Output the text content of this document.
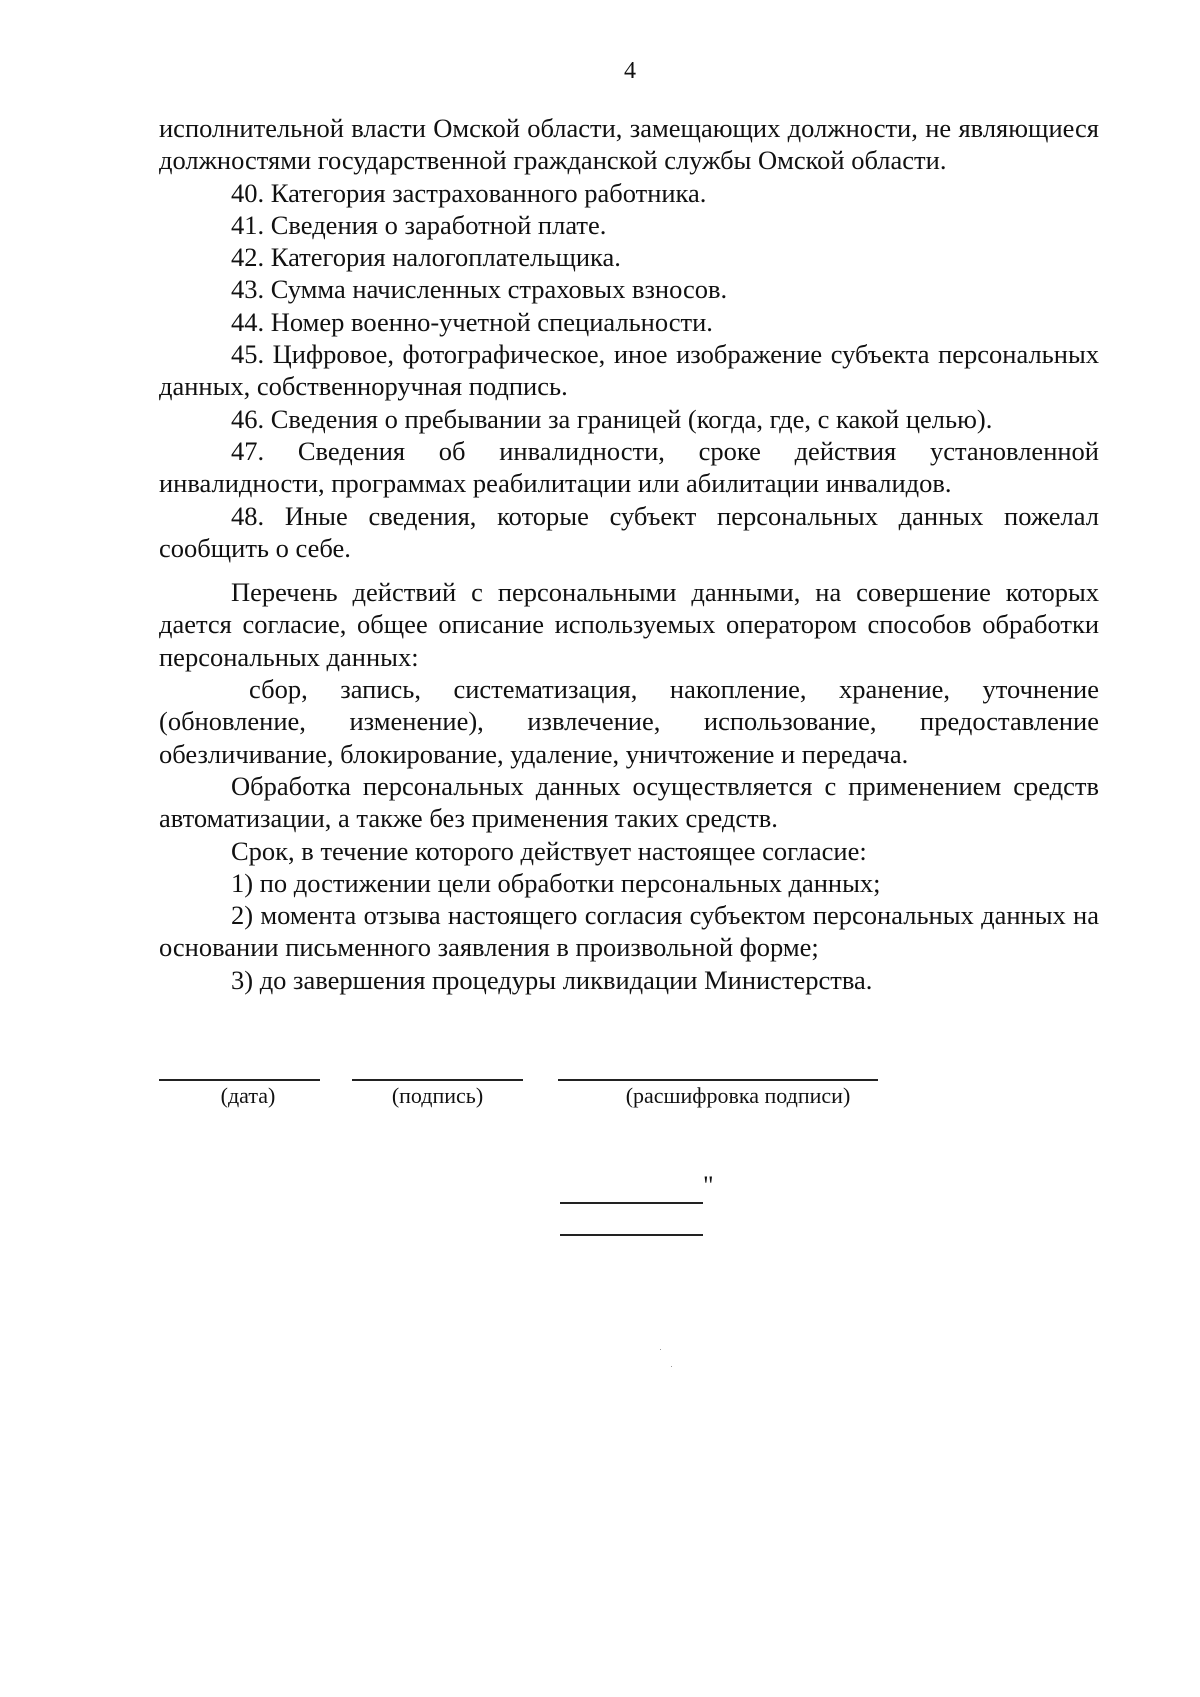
4

исполнительной власти Омской области, замещающих должности, не являющиеся должностями государственной гражданской службы Омской области.

40. Категория застрахованного работника.

41. Сведения о заработной плате.

42. Категория налогоплательщика.

43. Сумма начисленных страховых взносов.

44. Номер военно-учетной специальности.

45. Цифровое, фотографическое, иное изображение субъекта персональных данных, собственноручная подпись.

46. Сведения о пребывании за границей (когда, где, с какой целью).

47. Сведения об инвалидности, сроке действия установленной инвалидности, программах реабилитации или абилитации инвалидов.

48. Иные сведения, которые субъект персональных данных пожелал сообщить о себе.

Перечень действий с персональными данными, на совершение которых дается согласие, общее описание используемых оператором способов обработки персональных данных:

сбор, запись, систематизация, накопление, хранение, уточнение (обновление, изменение), извлечение, использование, предоставление обезличивание, блокирование, удаление, уничтожение и передача.

Обработка персональных данных осуществляется с применением средств автоматизации, а также без применения таких средств.

Срок, в течение которого действует настоящее согласие:

1) по достижении цели обработки персональных данных;

2) момента отзыва настоящего согласия субъектом персональных данных на основании письменного заявления в произвольной форме;

3) до завершения процедуры ликвидации Министерства.

(дата)	(подпись)	(расшифровка подписи)
"
